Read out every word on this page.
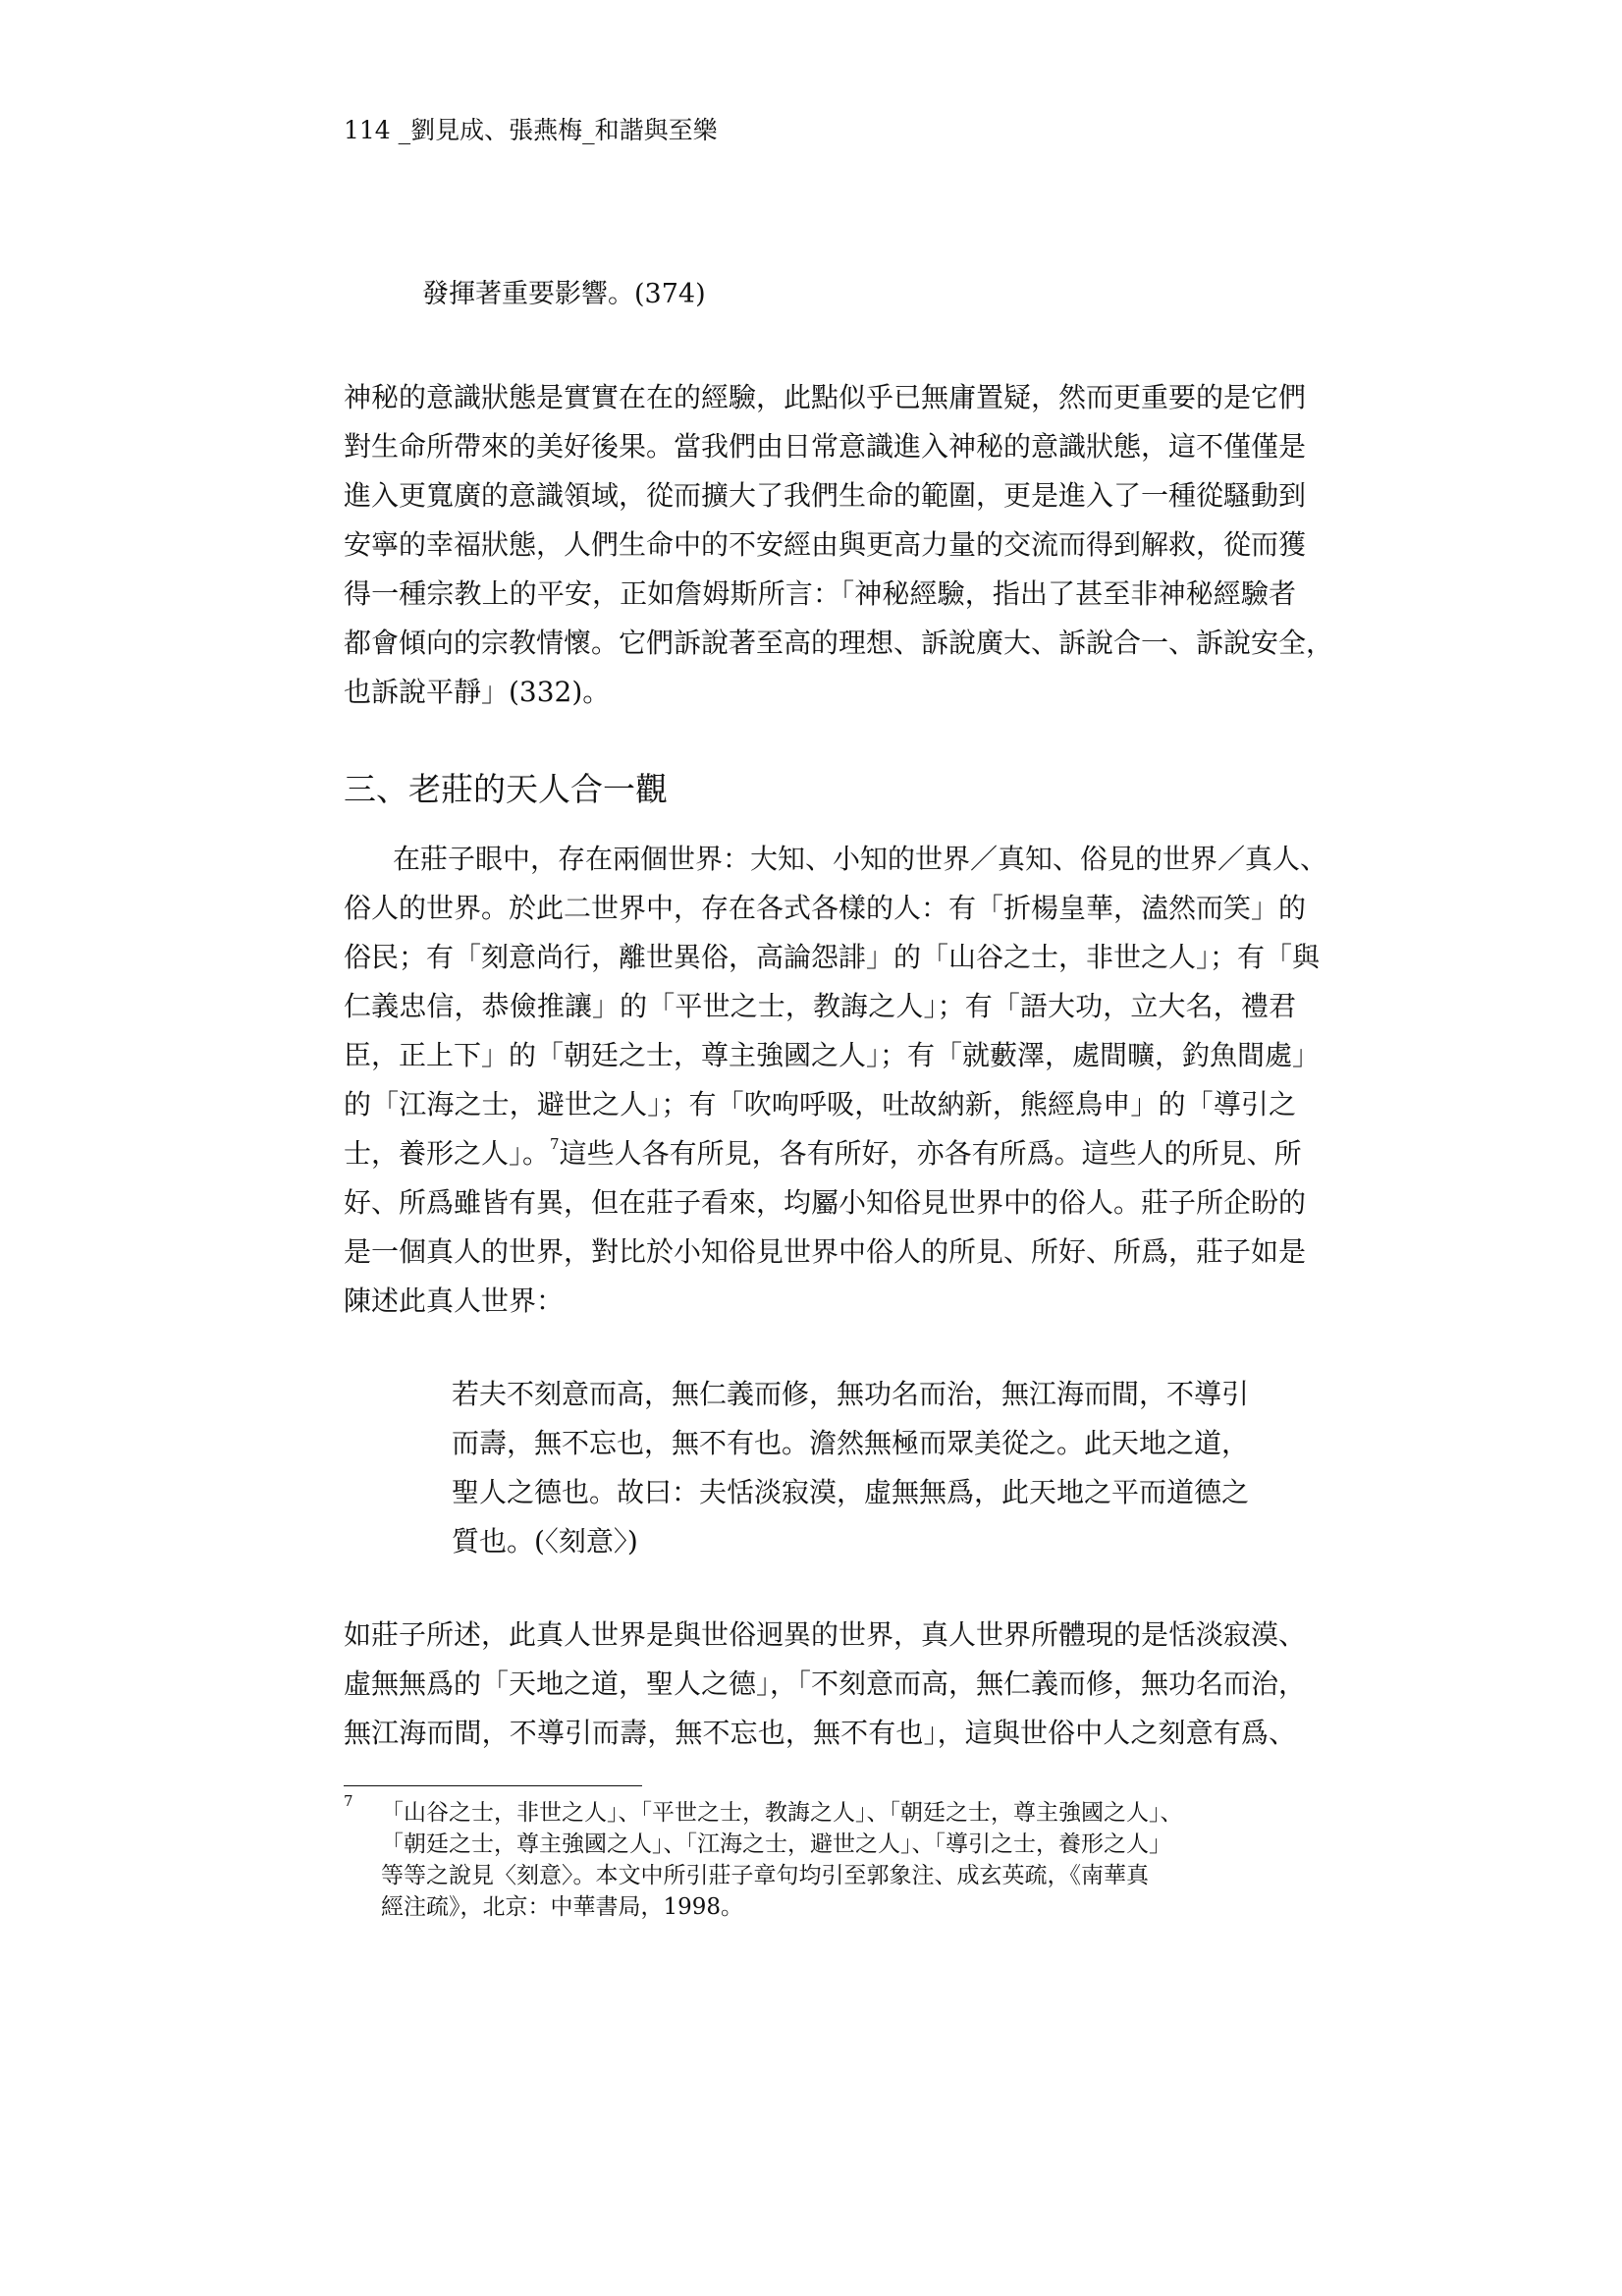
114 _劉見成、張燕梅_和諧與至樂
發揮著重要影響。(374)
神秘的意識狀態是實實在在的經驗，此點似乎已無庸置疑，然而更重要的是它們
對生命所帶來的美好後果。當我們由日常意識進入神秘的意識狀態，這不僅僅是
進入更寬廣的意識領域，從而擴大了我們生命的範圍，更是進入了一種從騷動到
安寧的幸福狀態，人們生命中的不安經由與更高力量的交流而得到解救，從而獲
得一種宗教上的平安，正如詹姆斯所言：「神秘經驗，指出了甚至非神秘經驗者
都會傾向的宗教情懷。它們訴說著至高的理想、訴說廣大、訴說合一、訴說安全，
也訴說平靜」(332)。
三、老莊的天人合一觀
在莊子眼中，存在兩個世界：大知、小知的世界／真知、俗見的世界／真人、
俗人的世界。於此二世界中，存在各式各樣的人：有「折楊皇華，溘然而笑」的
俗民；有「刻意尚行，離世異俗，高論怨誹」的「山谷之士，非世之人」；有「與
仁義忠信，恭儉推讓」的「平世之士，教誨之人」；有「語大功，立大名，禮君
臣，正上下」的「朝廷之士，尊主強國之人」；有「就藪澤，處間曠，釣魚間處」
的「江海之士，避世之人」；有「吹呴呼吸，吐故納新，熊經鳥申」的「導引之
士，養形之人」。$^7$這些人各有所見，各有所好，亦各有所爲。這些人的所見、所
好、所爲雖皆有異，但在莊子看來，均屬小知俗見世界中的俗人。莊子所企盼的
是一個真人的世界，對比於小知俗見世界中俗人的所見、所好、所爲，莊子如是
陳述此真人世界：
若夫不刻意而高，無仁義而修，無功名而治，無江海而間，不導引
而壽，無不忘也，無不有也。澹然無極而眾美從之。此天地之道，
聖人之德也。故曰：夫恬淡寂漠，虛無無爲，此天地之平而道德之
質也。(〈刻意〉)
如莊子所述，此真人世界是與世俗迥異的世界，真人世界所體現的是恬淡寂漠、
虛無無爲的「天地之道，聖人之德」，「不刻意而高，無仁義而修，無功名而治，
無江海而間，不導引而壽，無不忘也，無不有也」，這與世俗中人之刻意有爲、
7 「山谷之士，非世之人」、「平世之士，教誨之人」、「朝廷之士，尊主強國之人」、
「朝廷之士，尊主強國之人」、「江海之士，避世之人」、「導引之士，養形之人」
等等之說見〈刻意〉。本文中所引莊子章句均引至郭象注、成玄英疏，《南華真
經注疏》，北京：中華書局，1998。
